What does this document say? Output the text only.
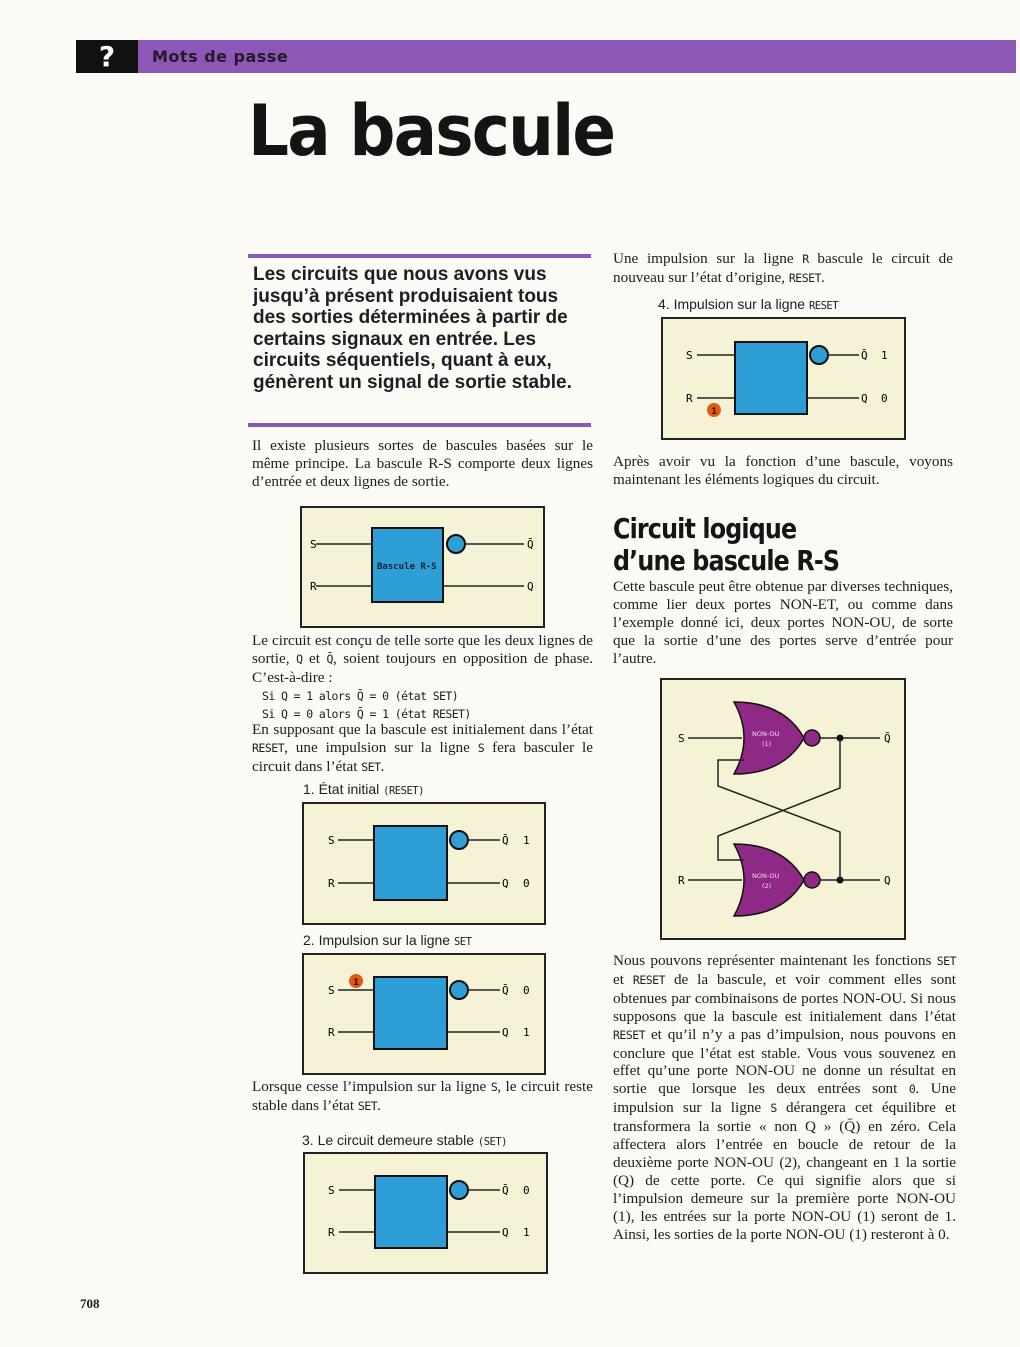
?	Mots de passe
La bascule
Les circuits que nous avons vus jusqu’à présent produisaient tous des sorties déterminées à partir de certains signaux en entrée. Les circuits séquentiels, quant à eux, génèrent un signal de sortie stable.

Il existe plusieurs sortes de bascules basées sur le même principe. La bascule R-S comporte deux lignes d’entrée et deux lignes de sortie.

S
R
Q̄
Q
Bascule R-S

Le circuit est conçu de telle sorte que les deux lignes de sortie, Q et Q̄, soient toujours en opposition de phase. C’est-à-dire :

Si Q = 1 alors Q̄ = 0 (état SET)
Si Q = 0 alors Q̄ = 1 (état RESET)

En supposant que la bascule est initialement dans l’état RESET, une impulsion sur la ligne S fera basculer le circuit dans l’état SET.

1. État initial (RESET)
S
R
Q̄
Q
1
0
2. Impulsion sur la ligne SET
1
S
R
Q̄
Q
0
1

Lorsque cesse l’impulsion sur la ligne S, le circuit reste stable dans l’état SET.

3. Le circuit demeure stable (SET)
S
R
Q̄
Q
0
1

Une impulsion sur la ligne R bascule le circuit de nouveau sur l’état d’origine, RESET.

4. Impulsion sur la ligne RESET
1
S
R
Q̄
Q
1
0

Après avoir vu la fonction d’une bascule, voyons maintenant les éléments logiques du circuit.

Circuit logique
d’une bascule R-S

Cette bascule peut être obtenue par diverses techniques, comme lier deux portes NON-ET, ou comme dans l’exemple donné ici, deux portes NON-OU, de sorte que la sortie d’une des portes serve d’entrée pour l’autre.

S
R
Q̄
Q
NON-OU
(1)
NON-OU
(2)

Nous pouvons représenter maintenant les fonctions SET et RESET de la bascule, et voir comment elles sont obtenues par combinaisons de portes NON-OU. Si nous supposons que la bascule est initialement dans l’état RESET et qu’il n’y a pas d’impulsion, nous pouvons en conclure que l’état est stable. Vous vous souvenez en effet qu’une porte NON-OU ne donne un résultat en sortie que lorsque les deux entrées sont 0. Une impulsion sur la ligne S dérangera cet équilibre et transformera la sortie « non Q » (Q̄) en zéro. Cela affectera alors l’entrée en boucle de retour de la deuxième porte NON-OU (2), changeant en 1 la sortie (Q) de cette porte. Ce qui signifie alors que si l’impulsion demeure sur la première porte NON-OU (1), les entrées sur la porte NON-OU (1) seront de 1. Ainsi, les sorties de la porte NON-OU (1) resteront à 0.

708
